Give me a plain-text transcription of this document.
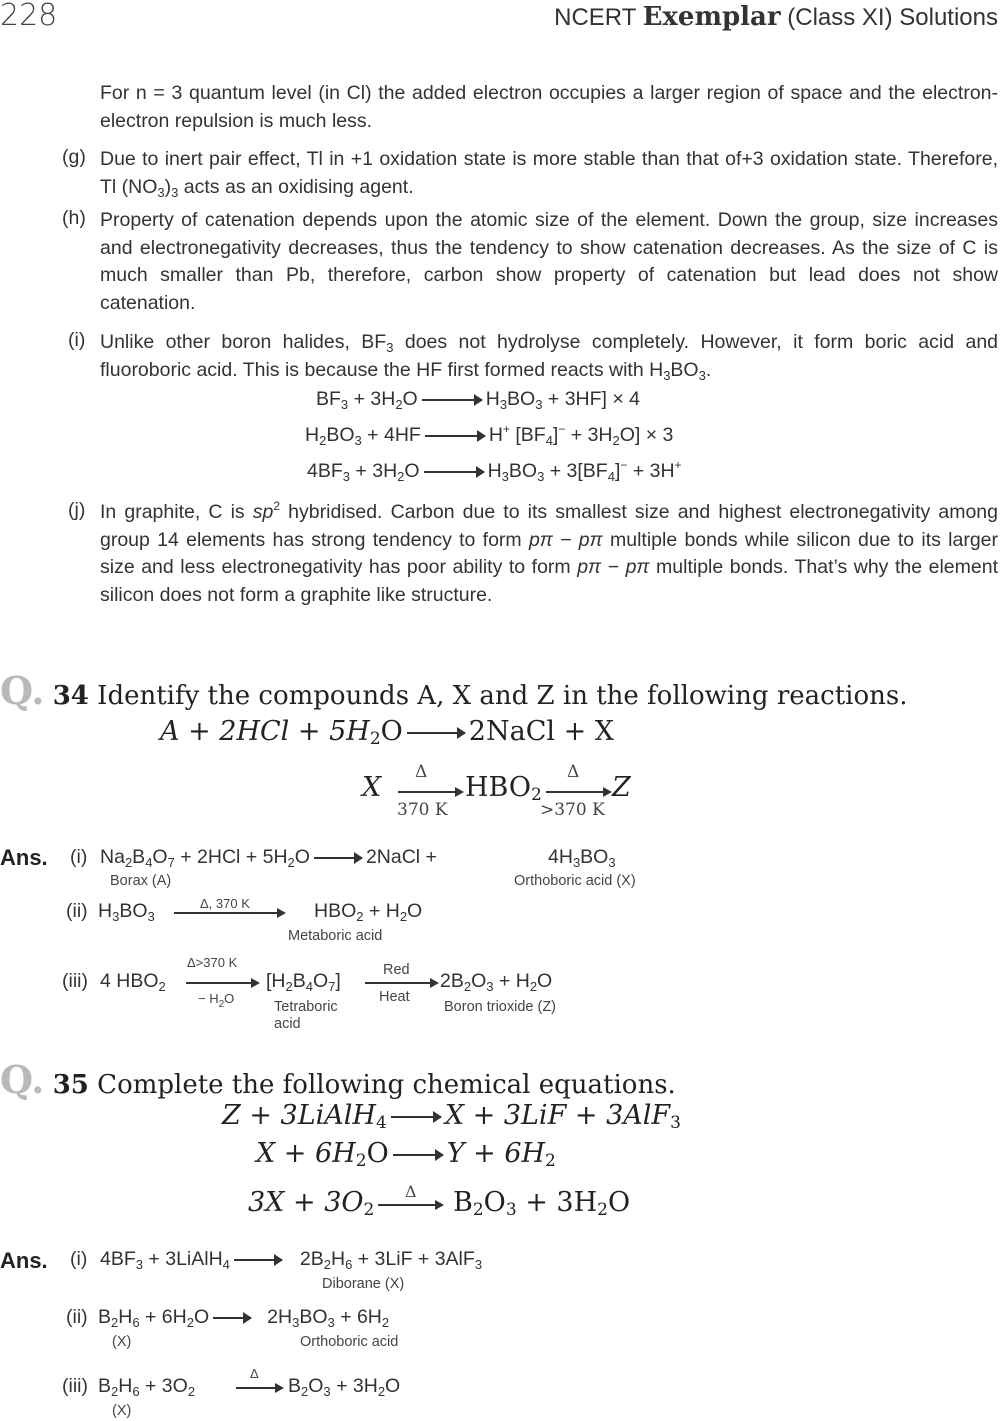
228	NCERT Exemplar (Class XI) Solutions
For n = 3 quantum level (in Cl) the added electron occupies a larger region of space and the electron-electron repulsion is much less.
(g) Due to inert pair effect, Tl in +1 oxidation state is more stable than that of+3 oxidation state. Therefore, Tl $(NO_3)_3$ acts as an oxidising agent.
(h) Property of catenation depends upon the atomic size of the element. Down the group, size increases and electronegativity decreases, thus the tendency to show catenation decreases. As the size of C is much smaller than Pb, therefore, carbon show property of catenation but lead does not show catenation.
(i) Unlike other boron halides, $BF_3$ does not hydrolyse completely. However, it form boric acid and fluoroboric acid. This is because the HF first formed reacts with $H_3BO_3$.
$BF_3 + 3H_2O$	$H_3BO_3 + 3HF] \times 4$
$H_2BO_3 + 4HF$	H+ $[BF_4]^- + 3H_2O] \times 3$
$4BF_3 + 3H_2O$	$H_3BO_3 + 3[BF_4]^- + 3H^+$
(j) In graphite, C is $sp^2$ hybridised. Carbon due to its smallest size and highest electronegativity among group 14 elements has strong tendency to form pπ − pπ multiple bonds while silicon due to its larger size and less electronegativity has poor ability to form pπ − pπ multiple bonds. That’s why the element silicon does not form a graphite like structure.
Q. 34 Identify the compounds A, X and Z in the following reactions.
$A + 2HCl + 5H_2O$ 2NaCl + X
X Δ
370 K
$HBO_2$
Δ
>370 K
Z
Ans. (i) $Na_2B_4O_7 + 2HCl + 5H_2O$	2NaCl +	$4H_3BO_3$
Borax (A)	Orthoboric acid (X)
(ii) $H_3BO_3$
Δ, 370 K	$HBO_2 + H_2O$
Metaboric acid
(iii) 4 $HBO_2$
Δ>370 K
− $H_2O$
$[H_2B_4O_7]$
Tetraboric acid
Red
Heat
$2B_2O_3 + H_2O$
Boron trioxide (Z)
Q. 35 Complete the following chemical equations.
Z + 3LiAlH$_4$ X + 3LiF + 3AlF$_3$
$X + 6H_2O$ $Y + 6H_2$
$3X + 3O_2$
Δ $B_2O_3 + 3H_2O$
Ans. (i) $4BF_3$ + 3LiAlH$_4$	$2B_2H_6 + 3LiF + 3AlF_3$
Diborane (X)
(ii) $B_2H_6 + 6H_2O$	$2H_3BO_3 + 6H_2$
(X)	Orthoboric acid
(iii) $B_2H_6 + 3O_2$
Δ
$B_2O_3 + 3H_2O$
(X)
